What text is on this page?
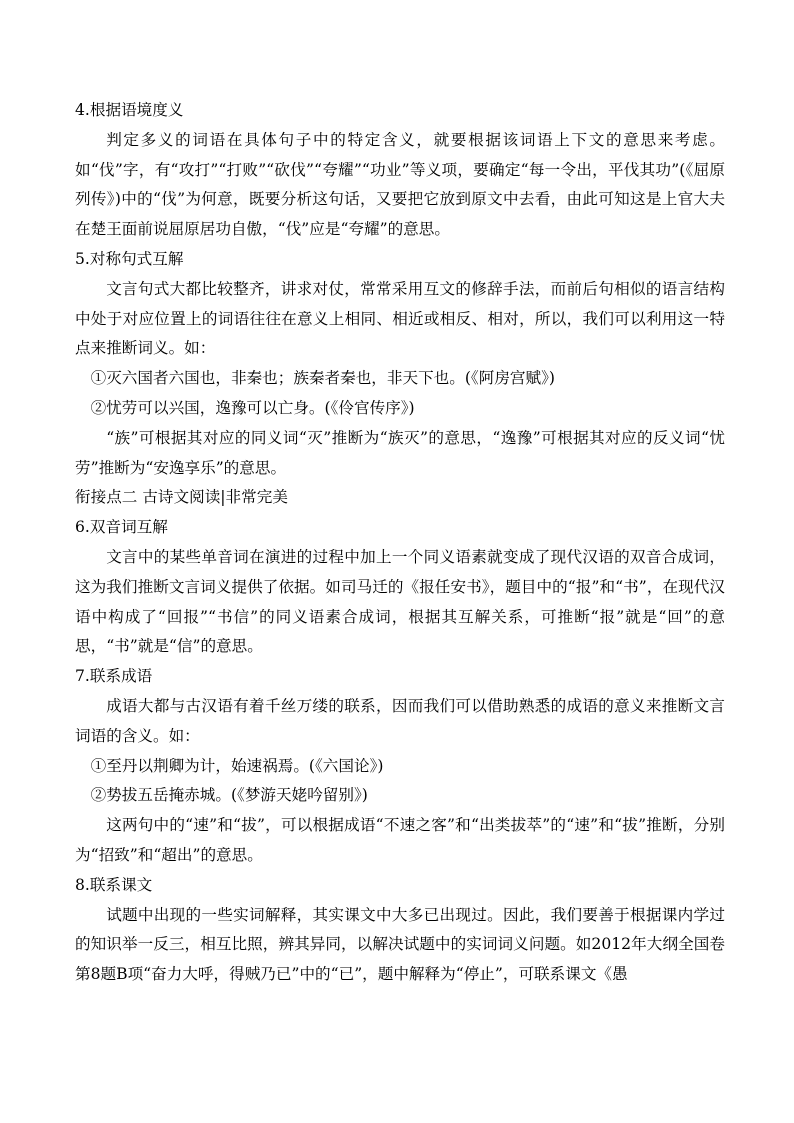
4.根据语境度义

判定多义的词语在具体句子中的特定含义，就要根据该词语上下文的意思来考虑。如“伐”字，有“攻打”“打败”“砍伐”“夸耀”“功业”等义项，要确定“每一令出，平伐其功”(《屈原列传》)中的“伐”为何意，既要分析这句话，又要把它放到原文中去看，由此可知这是上官大夫在楚王面前说屈原居功自傲，“伐”应是“夸耀”的意思。

5.对称句式互解

文言句式大都比较整齐，讲求对仗，常常采用互文的修辞手法，而前后句相似的语言结构中处于对应位置上的词语往往在意义上相同、相近或相反、相对，所以，我们可以利用这一特点来推断词义。如：

①灭六国者六国也，非秦也；族秦者秦也，非天下也。(《阿房宫赋》)

②忧劳可以兴国，逸豫可以亡身。(《伶官传序》)

“族”可根据其对应的同义词“灭”推断为“族灭”的意思，“逸豫”可根据其对应的反义词“忧劳”推断为“安逸享乐”的意思。

衔接点二 古诗文阅读|非常完美

6.双音词互解

文言中的某些单音词在演进的过程中加上一个同义语素就变成了现代汉语的双音合成词，这为我们推断文言词义提供了依据。如司马迁的《报任安书》，题目中的“报”和“书”，在现代汉语中构成了“回报”“书信”的同义语素合成词，根据其互解关系，可推断“报”就是“回”的意思，“书”就是“信”的意思。

7.联系成语

成语大都与古汉语有着千丝万缕的联系，因而我们可以借助熟悉的成语的意义来推断文言词语的含义。如：

①至丹以荆卿为计，始速祸焉。(《六国论》)

②势拔五岳掩赤城。(《梦游天姥吟留别》)

这两句中的“速”和“拔”，可以根据成语“不速之客”和“出类拔萃”的“速”和“拔”推断，分别为“招致”和“超出”的意思。

8.联系课文

试题中出现的一些实词解释，其实课文中大多已出现过。因此，我们要善于根据课内学过的知识举一反三，相互比照，辨其异同，以解决试题中的实词词义问题。如2012年大纲全国卷第8题B项“奋力大呼，得贼乃已”中的“已”，题中解释为“停止”，可联系课文《愚
